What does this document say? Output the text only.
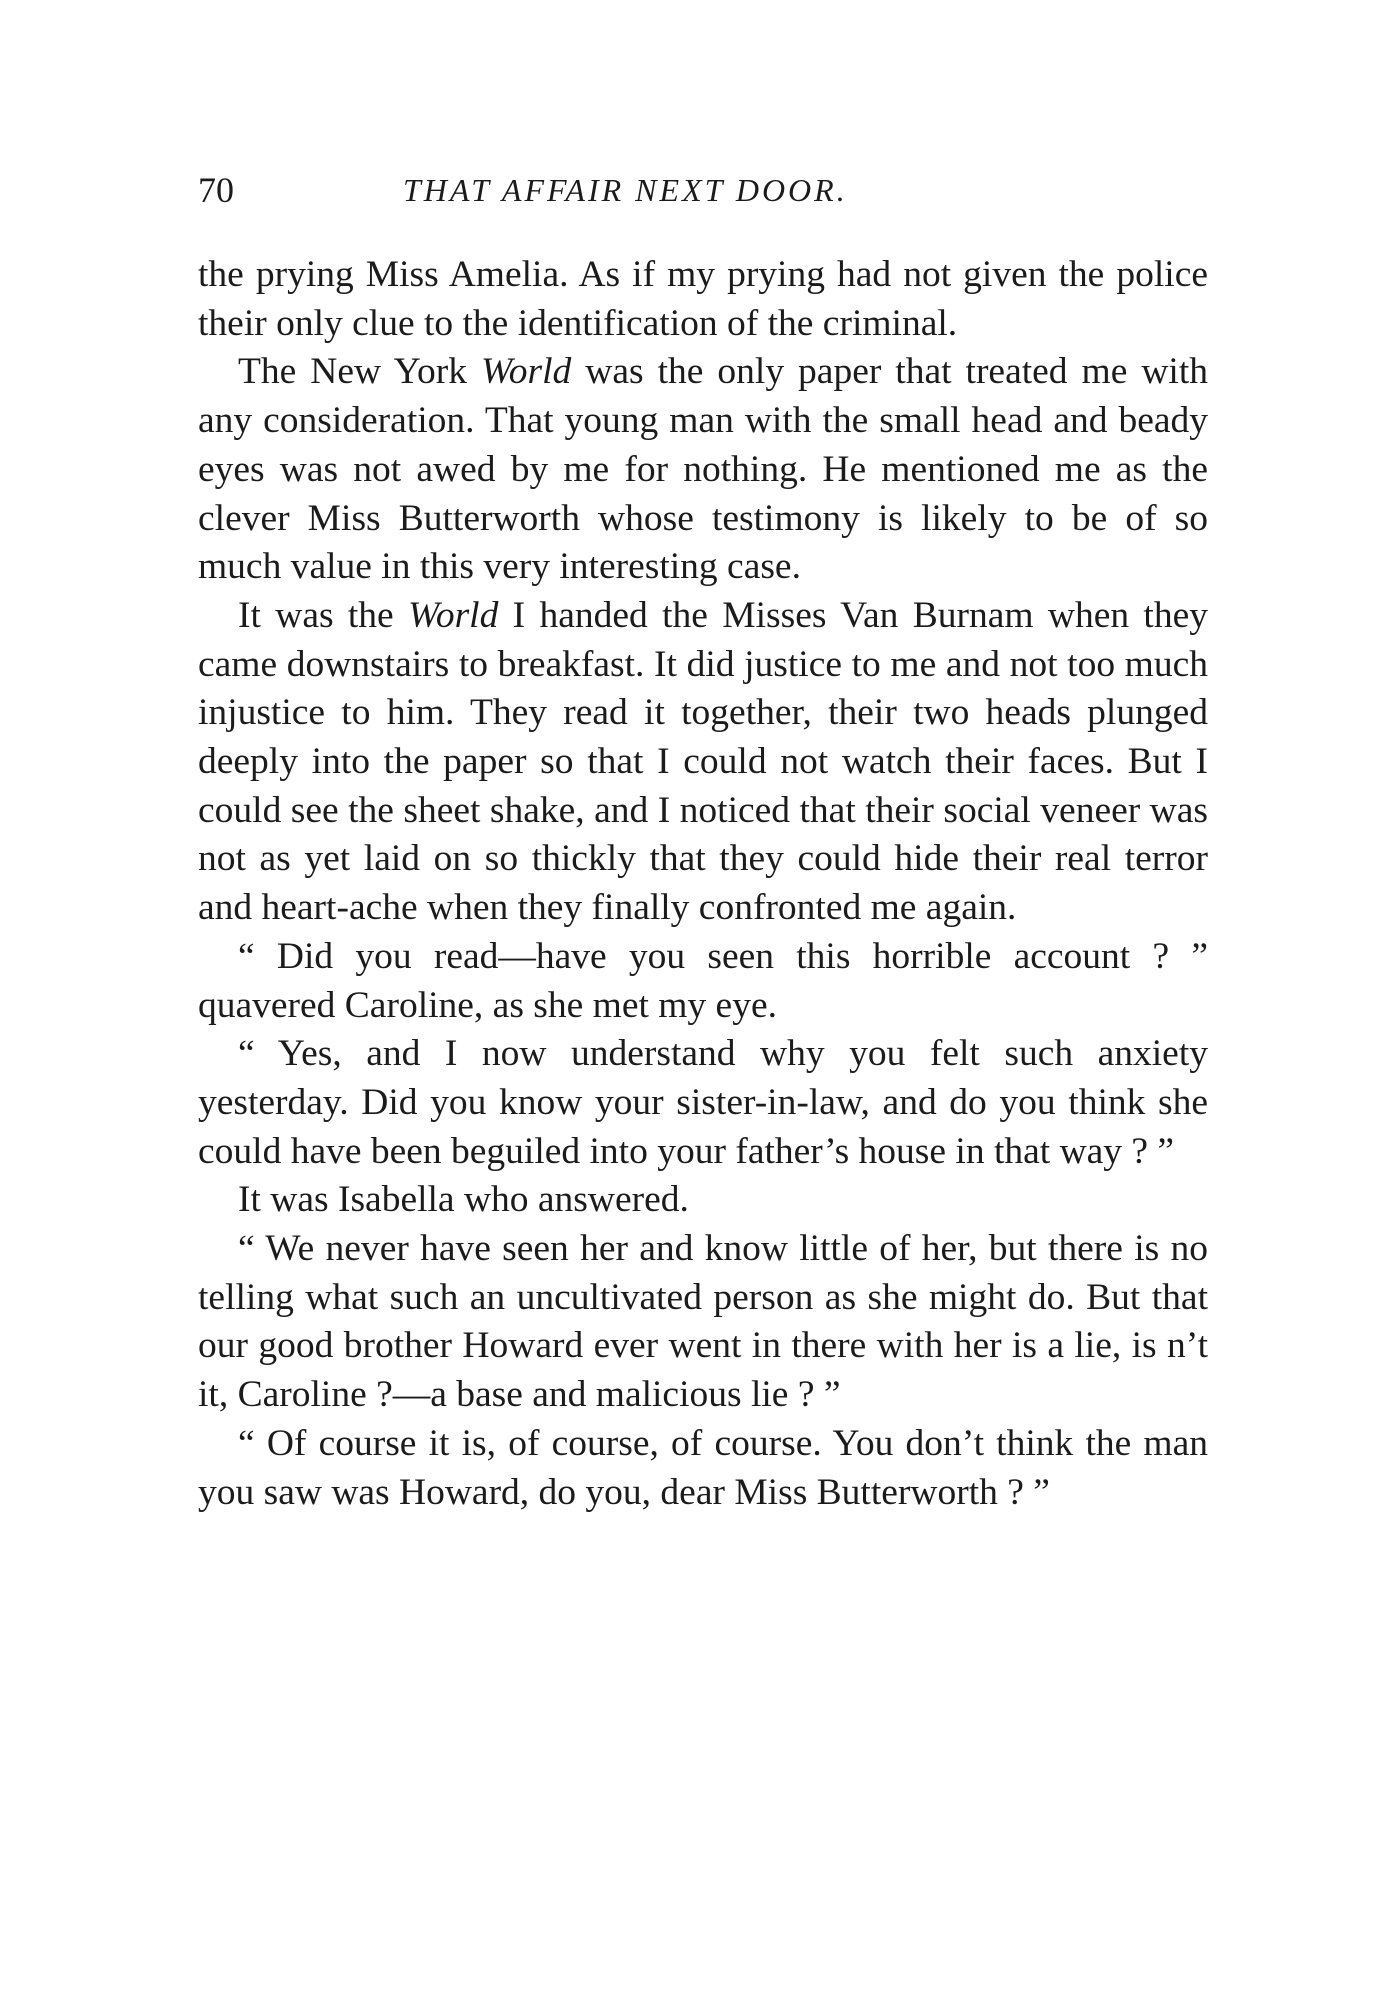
70	THAT AFFAIR NEXT DOOR.

the prying Miss Amelia. As if my prying had not given the police their only clue to the identification of the criminal.

The New York World was the only paper that treated me with any consideration. That young man with the small head and beady eyes was not awed by me for nothing. He mentioned me as the clever Miss Butterworth whose testimony is likely to be of so much value in this very interesting case.

It was the World I handed the Misses Van Burnam when they came downstairs to breakfast. It did justice to me and not too much injustice to him. They read it together, their two heads plunged deeply into the paper so that I could not watch their faces. But I could see the sheet shake, and I noticed that their social veneer was not as yet laid on so thickly that they could hide their real terror and heart-ache when they finally confronted me again.

“ Did you read—have you seen this horrible account ? ” quavered Caroline, as she met my eye.

“ Yes, and I now understand why you felt such anxiety yesterday. Did you know your sister-in-law, and do you think she could have been beguiled into your father’s house in that way ? ”

It was Isabella who answered.

“ We never have seen her and know little of her, but there is no telling what such an uncultivated person as she might do. But that our good brother Howard ever went in there with her is a lie, is n’t it, Caroline ?—a base and malicious lie ? ”

“ Of course it is, of course, of course. You don’t think the man you saw was Howard, do you, dear Miss Butterworth ? ”
